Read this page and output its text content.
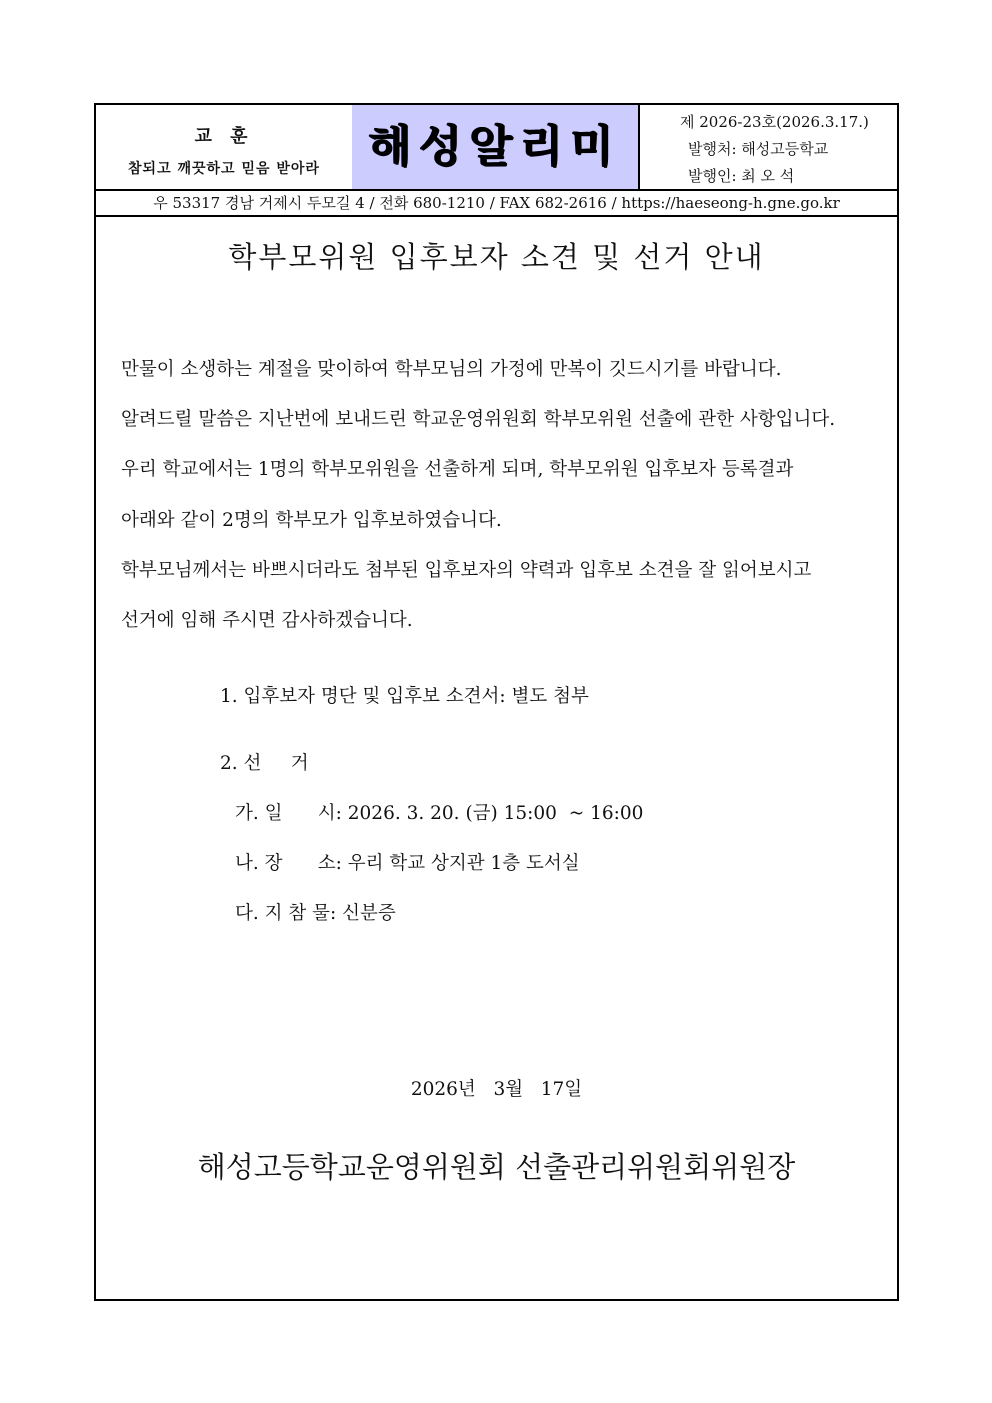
교 훈
참되고 깨끗하고 믿음 받아라	해성알리미	제 2026-23호(2026.3.17.)
발행처: 해성고등학교
발행인: 최 오 석
우 53317 경남 거제시 두모길 4 / 전화 680-1210 / FAX 682-2616 / https://haeseong-h.gne.go.kr
학부모위원 입후보자 소견 및 선거 안내
만물이 소생하는 계절을 맞이하여 학부모님의 가정에 만복이 깃드시기를 바랍니다.
알려드릴 말씀은 지난번에 보내드린 학교운영위원회 학부모위원 선출에 관한 사항입니다.
우리 학교에서는 1명의 학부모위원을 선출하게 되며, 학부모위원 입후보자 등록결과
아래와 같이 2명의 학부모가 입후보하였습니다.
학부모님께서는 바쁘시더라도 첨부된 입후보자의 약력과 입후보 소견을 잘 읽어보시고
선거에 임해 주시면 감사하겠습니다.
1. 입후보자 명단 및 입후보 소견서: 별도 첨부
2. 선     거
가. 일      시: 2026. 3. 20. (금) 15:00  ~ 16:00
나. 장      소: 우리 학교 상지관 1층 도서실
다. 지 참 물: 신분증
2026년   3월   17일
해성고등학교운영위원회 선출관리위원회위원장
